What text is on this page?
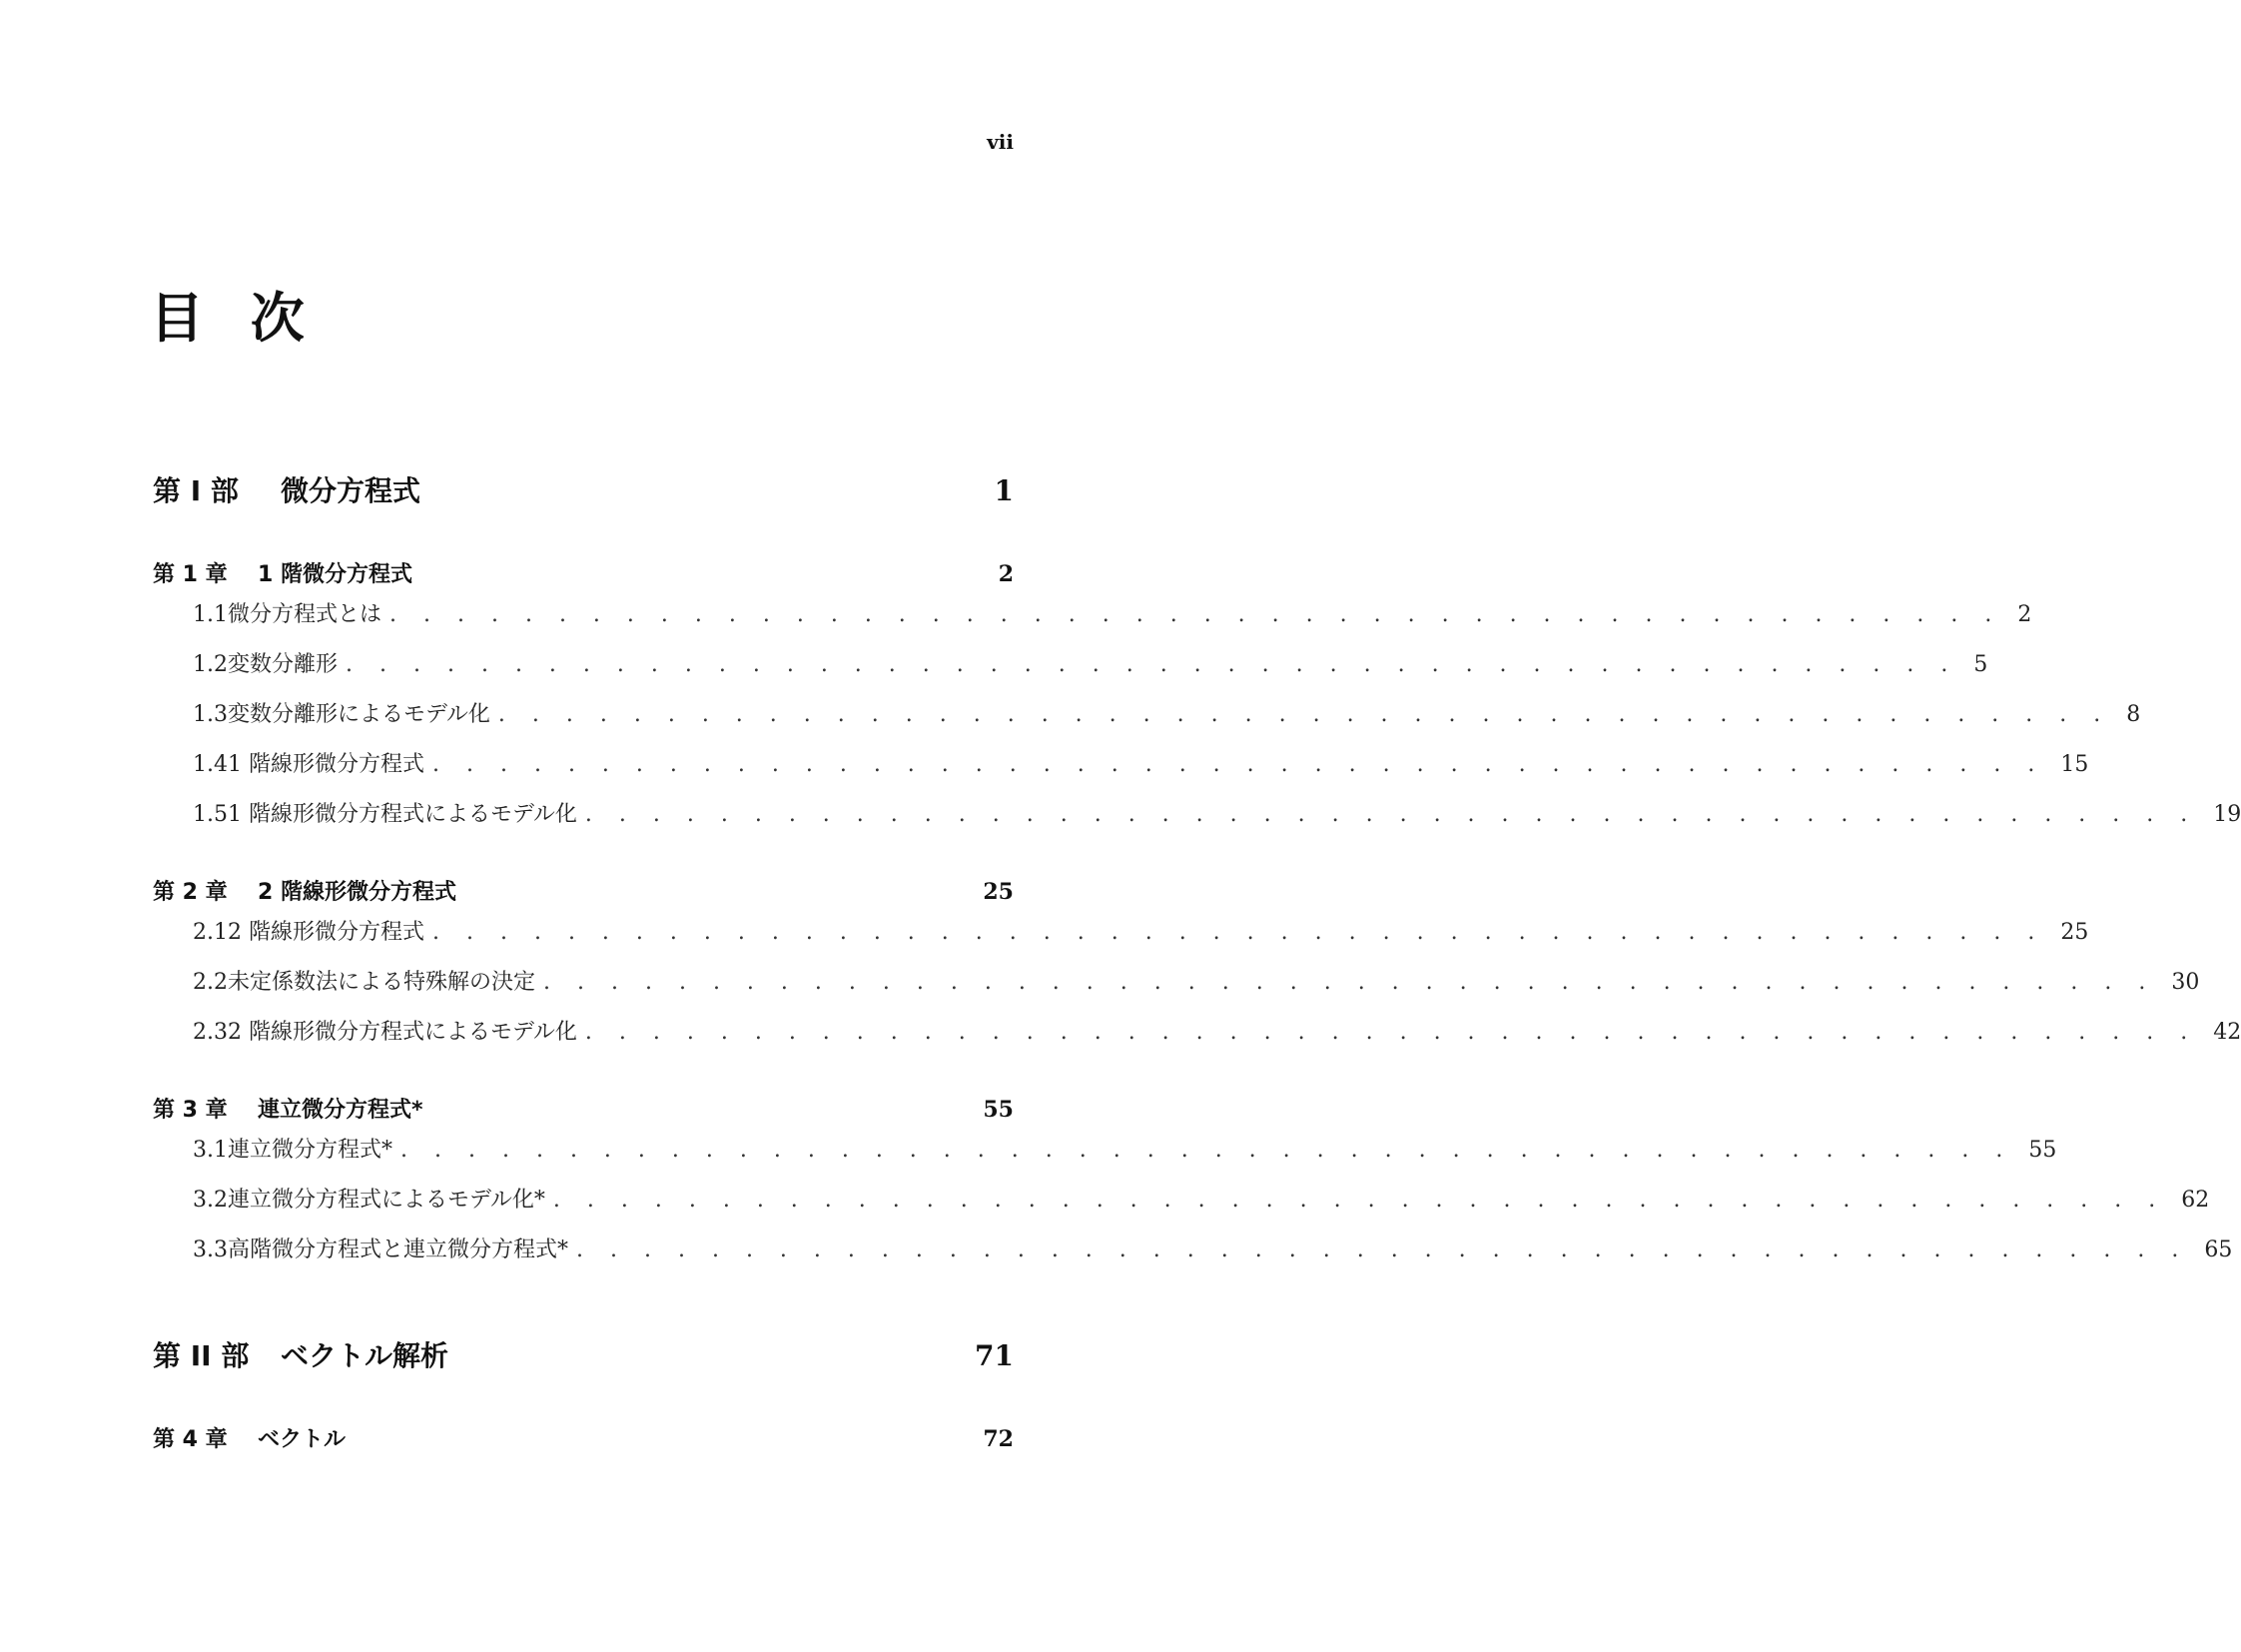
vii
目 次
第 I 部	微分方程式	1
第 1 章	1 階微分方程式	2
1.1 微分方程式とは . . . . . . . . . . . . . . . . . . . . . . . . . . . . . . . . . . . . . . . . . . . . . . . . 2
1.2 変数分離形 . . . . . . . . . . . . . . . . . . . . . . . . . . . . . . . . . . . . . . . . . . . . . . . . 5
1.3 変数分離形によるモデル化 . . . . . . . . . . . . . . . . . . . . . . . . . . . . . . . . . . . . . . . . . . . . . . . . 8
1.4 1 階線形微分方程式 . . . . . . . . . . . . . . . . . . . . . . . . . . . . . . . . . . . . . . . . . . . . . . . . 15
1.5 1 階線形微分方程式によるモデル化 . . . . . . . . . . . . . . . . . . . . . . . . . . . . . . . . . . . . . . . . . . . . . . . . 19
第 2 章	2 階線形微分方程式	25
2.1 2 階線形微分方程式 . . . . . . . . . . . . . . . . . . . . . . . . . . . . . . . . . . . . . . . . . . . . . . . . 25
2.2 未定係数法による特殊解の決定 . . . . . . . . . . . . . . . . . . . . . . . . . . . . . . . . . . . . . . . . . . . . . . . . 30
2.3 2 階線形微分方程式によるモデル化 . . . . . . . . . . . . . . . . . . . . . . . . . . . . . . . . . . . . . . . . . . . . . . . . 42
第 3 章	連立微分方程式*	55
3.1 連立微分方程式* . . . . . . . . . . . . . . . . . . . . . . . . . . . . . . . . . . . . . . . . . . . . . . . . 55
3.2 連立微分方程式によるモデル化* . . . . . . . . . . . . . . . . . . . . . . . . . . . . . . . . . . . . . . . . . . . . . . . . 62
3.3 高階微分方程式と連立微分方程式* . . . . . . . . . . . . . . . . . . . . . . . . . . . . . . . . . . . . . . . . . . . . . . . . 65
第 II 部	ベクトル解析	71
第 4 章	ベクトル	72
